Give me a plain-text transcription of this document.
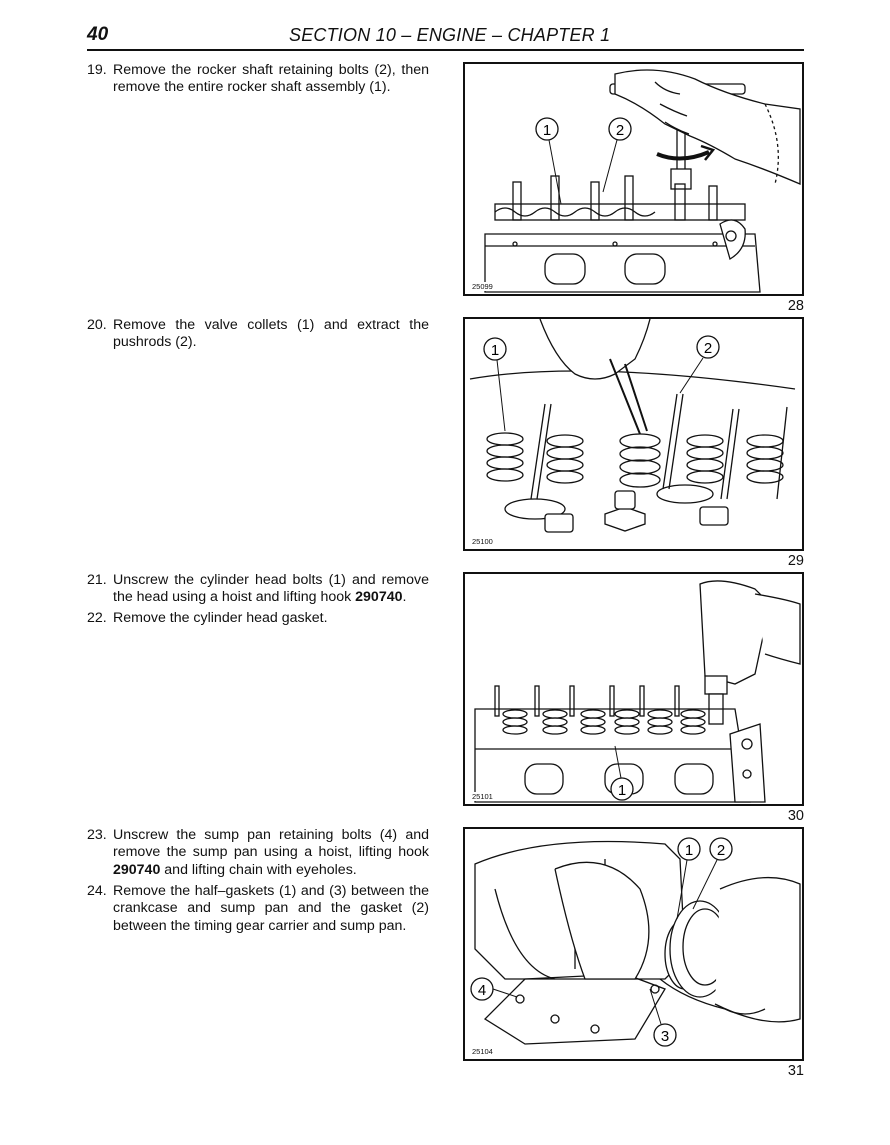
40	SECTION 10 – ENGINE – CHAPTER 1
19. Remove the rocker shaft retaining bolts (2), then remove the entire rocker shaft assembly (1).
20. Remove the valve collets (1) and extract the pushrods (2).
21. Unscrew the cylinder head bolts (1) and remove the head using a hoist and lifting hook 290740.
22. Remove the cylinder head gasket.
23. Unscrew the sump pan retaining bolts (4) and remove the sump pan using a hoist, lifting hook 290740 and lifting chain with eyeholes.
24. Remove the half–gaskets (1) and (3) between the crankcase and sump pan and the gasket (2) between the timing gear carrier and sump pan.
1	2
25099
28
1	2
25100
29
1
25101
30
1 2
3
4
25104
31
